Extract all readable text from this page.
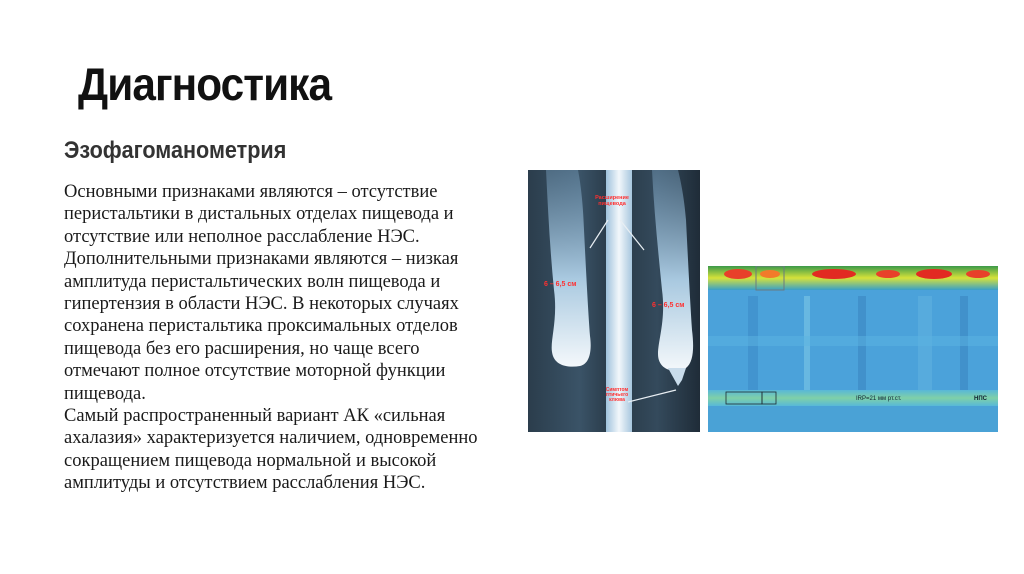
Диагностика
Эзофагоманометрия

Основными признаками являются – отсутствие
перистальтики в дистальных отделах пищевода и
отсутствие или неполное расслабление НЭС.
Дополнительными признаками являются – низкая
амплитуда перистальтических волн пищевода и
гипертензия в области НЭС. В некоторых случаях
сохранена перистальтика проксимальных отделов
пищевода без его расширения, но чаще всего
отмечают полное отсутствие моторной функции
пищевода.

Самый распространенный вариант АК «сильная
ахалазия» характеризуется наличием, одновременно
сокращением пищевода нормальной и высокой
амплитуды и отсутствием расслабления НЭС.

Расширение пищевода
6 – 6,5 см
6 – 6,5 см
Симптом птичьего клюва	IRP=21 мм рт.ст.	НПС
